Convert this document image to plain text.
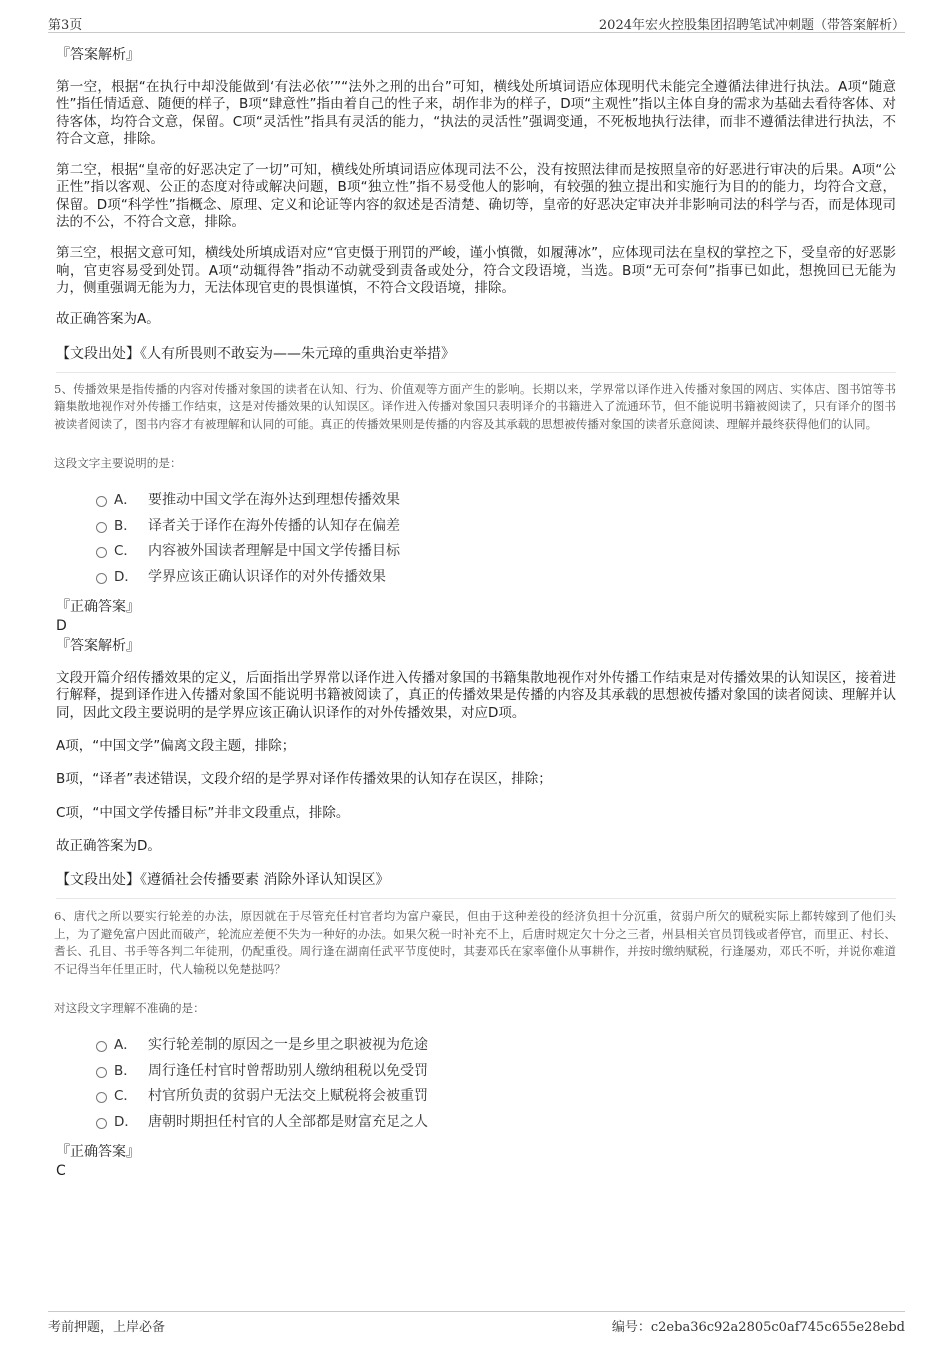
第3页	2024年宏火控股集团招聘笔试冲刺题（带答案解析）

『答案解析』

第一空，根据“在执行中却没能做到‘有法必依’”“法外之刑的出台”可知，横线处所填词语应体现明代未能完全遵循法律进行执法。A项“随意性”指任情适意、随便的样子，B项“肆意性”指由着自己的性子来，胡作非为的样子，D项“主观性”指以主体自身的需求为基础去看待客体、对待客体，均符合文意，保留。C项“灵活性”指具有灵活的能力，“执法的灵活性”强调变通，不死板地执行法律，而非不遵循法律进行执法，不符合文意，排除。

第二空，根据“皇帝的好恶决定了一切”可知，横线处所填词语应体现司法不公，没有按照法律而是按照皇帝的好恶进行审决的后果。A项“公正性”指以客观、公正的态度对待或解决问题，B项“独立性”指不易受他人的影响，有较强的独立提出和实施行为目的的能力，均符合文意，保留。D项“科学性”指概念、原理、定义和论证等内容的叙述是否清楚、确切等，皇帝的好恶决定审决并非影响司法的科学与否，而是体现司法的不公，不符合文意，排除。

第三空，根据文意可知，横线处所填成语对应“官吏慑于刑罚的严峻，谨小慎微，如履薄冰”，应体现司法在皇权的掌控之下，受皇帝的好恶影响，官吏容易受到处罚。A项“动辄得咎”指动不动就受到责备或处分，符合文段语境，当选。B项“无可奈何”指事已如此，想挽回已无能为力，侧重强调无能为力，无法体现官吏的畏惧谨慎，不符合文段语境，排除。

故正确答案为A。

【文段出处】《人有所畏则不敢妄为——朱元璋的重典治吏举措》

5、传播效果是指传播的内容对传播对象国的读者在认知、行为、价值观等方面产生的影响。长期以来，学界常以译作进入传播对象国的网店、实体店、图书馆等书籍集散地视作对外传播工作结束，这是对传播效果的认知误区。译作进入传播对象国只表明译介的书籍进入了流通环节，但不能说明书籍被阅读了，只有译介的图书被读者阅读了，图书内容才有被理解和认同的可能。真正的传播效果则是传播的内容及其承载的思想被传播对象国的读者乐意阅读、理解并最终获得他们的认同。

这段文字主要说明的是：

A． 要推动中国文学在海外达到理想传播效果
B． 译者关于译作在海外传播的认知存在偏差
C． 内容被外国读者理解是中国文学传播目标
D． 学界应该正确认识译作的对外传播效果

『正确答案』

D

『答案解析』

文段开篇介绍传播效果的定义，后面指出学界常以译作进入传播对象国的书籍集散地视作对外传播工作结束是对传播效果的认知误区，接着进行解释，提到译作进入传播对象国不能说明书籍被阅读了，真正的传播效果是传播的内容及其承载的思想被传播对象国的读者阅读、理解并认同，因此文段主要说明的是学界应该正确认识译作的对外传播效果，对应D项。

A项，“中国文学”偏离文段主题，排除；

B项，“译者”表述错误，文段介绍的是学界对译作传播效果的认知存在误区，排除；

C项，“中国文学传播目标”并非文段重点，排除。

故正确答案为D。

【文段出处】《遵循社会传播要素 消除外译认知误区》

6、唐代之所以要实行轮差的办法，原因就在于尽管充任村官者均为富户豪民，但由于这种差役的经济负担十分沉重，贫弱户所欠的赋税实际上都转嫁到了他们头上，为了避免富户因此而破产，轮流应差便不失为一种好的办法。如果欠税一时补充不上，后唐时规定欠十分之三者，州县相关官员罚钱或者停官，而里正、村长、耆长、孔目、书手等各判二年徒刑，仍配重役。周行逢在湖南任武平节度使时，其妻邓氏在家率僮仆从事耕作，并按时缴纳赋税，行逢屡劝，邓氏不听，并说你难道不记得当年任里正时，代人输税以免楚挞吗？

对这段文字理解不准确的是：

A． 实行轮差制的原因之一是乡里之职被视为危途
B． 周行逢任村官时曾帮助别人缴纳租税以免受罚
C． 村官所负责的贫弱户无法交上赋税将会被重罚
D． 唐朝时期担任村官的人全部都是财富充足之人

『正确答案』

C

考前押题，上岸必备	编号：c2eba36c92a2805c0af745c655e28ebd
